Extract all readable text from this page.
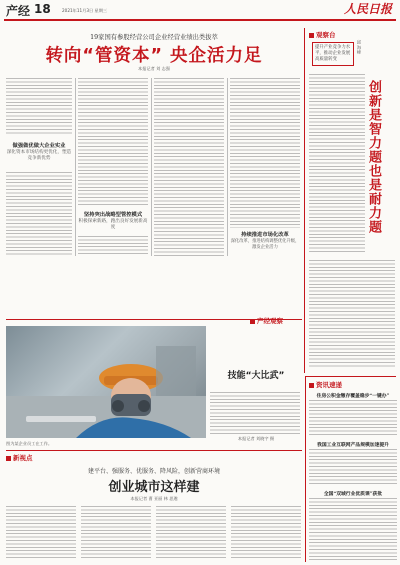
产经 18	2021年11月3日 星期三	人民日报
19家国有参股经营公司企业经营业绩出类拔萃
转向“管资本” 央企活力足
本报记者 刘 志强
做强做优做大企业实业
深化资本市场结构更优化，塑造竞争新优势
坚持突出战略型管控模式
积极探索新路，跑出良好发展新高度
持续推进市场化改革
深化改革，推进结构调整优化升级，激发企业活力
观察台
提升产业竞争力水平，推动企业发展高质量转变
创新是智力题也是耐力题
邱 海峰
产经观察
技能“大比武”
本报记者 刘晓宇 摄
图为某企业员工在工作。
资讯速递
住房公积金缴存覆盖稳步“一键办”
我国工业互联网产品规模加速提升
全国“双城行业优质课”获批
新视点
建平台、强服务、优服务、降风险，创新营商环境
创业城市这样建
本报记者 曹 亚丽 林 思邈
